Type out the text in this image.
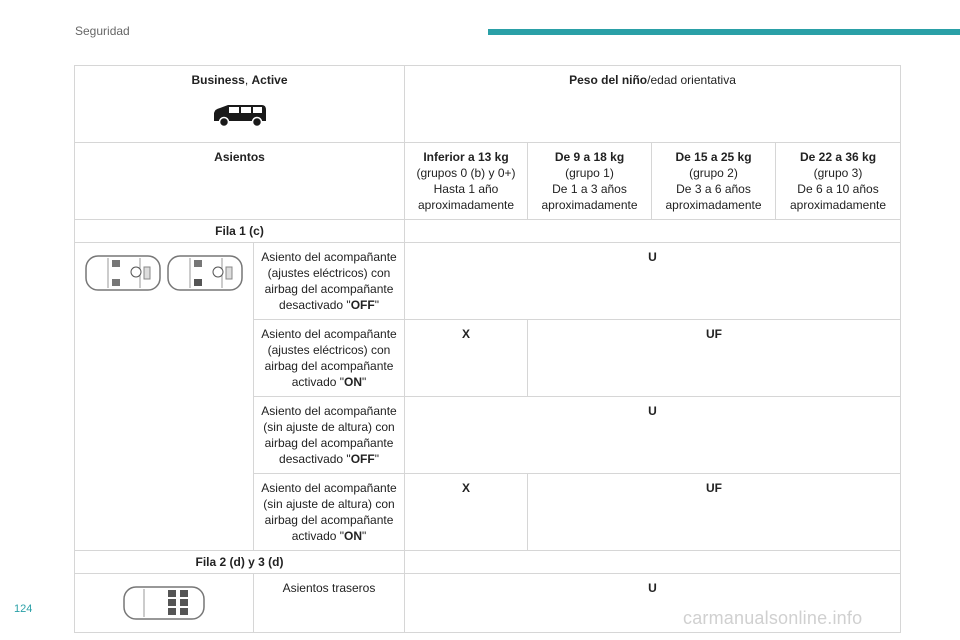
Seguridad
Business, Active		Peso del niño/edad orientativa			
Asientos		Inferior a 13 kg
(grupos 0 (b) y 0+)
Hasta 1 año
aproximadamente	De 9 a 18 kg
(grupo 1)
De 1 a 3 años
aproximadamente	De 15 a 25 kg
(grupo 2)
De 3 a 6 años
aproximadamente	De 22 a 36 kg
(grupo 3)
De 6 a 10 años
aproximadamente
Fila 1 (c)					
	Asiento del acompañante
(ajustes eléctricos) con
airbag del acompañante
desactivado "OFF"	U			
	Asiento del acompañante
(ajustes eléctricos) con
airbag del acompañante
activado "ON"	X	UF		
	Asiento del acompañante
(sin ajuste de altura) con
airbag del acompañante
desactivado "OFF"	U			
	Asiento del acompañante
(sin ajuste de altura) con
airbag del acompañante
activado "ON"	X	UF		
Fila 2 (d) y 3 (d)					
	Asientos traseros	U			
124	carmanualsonline.info
